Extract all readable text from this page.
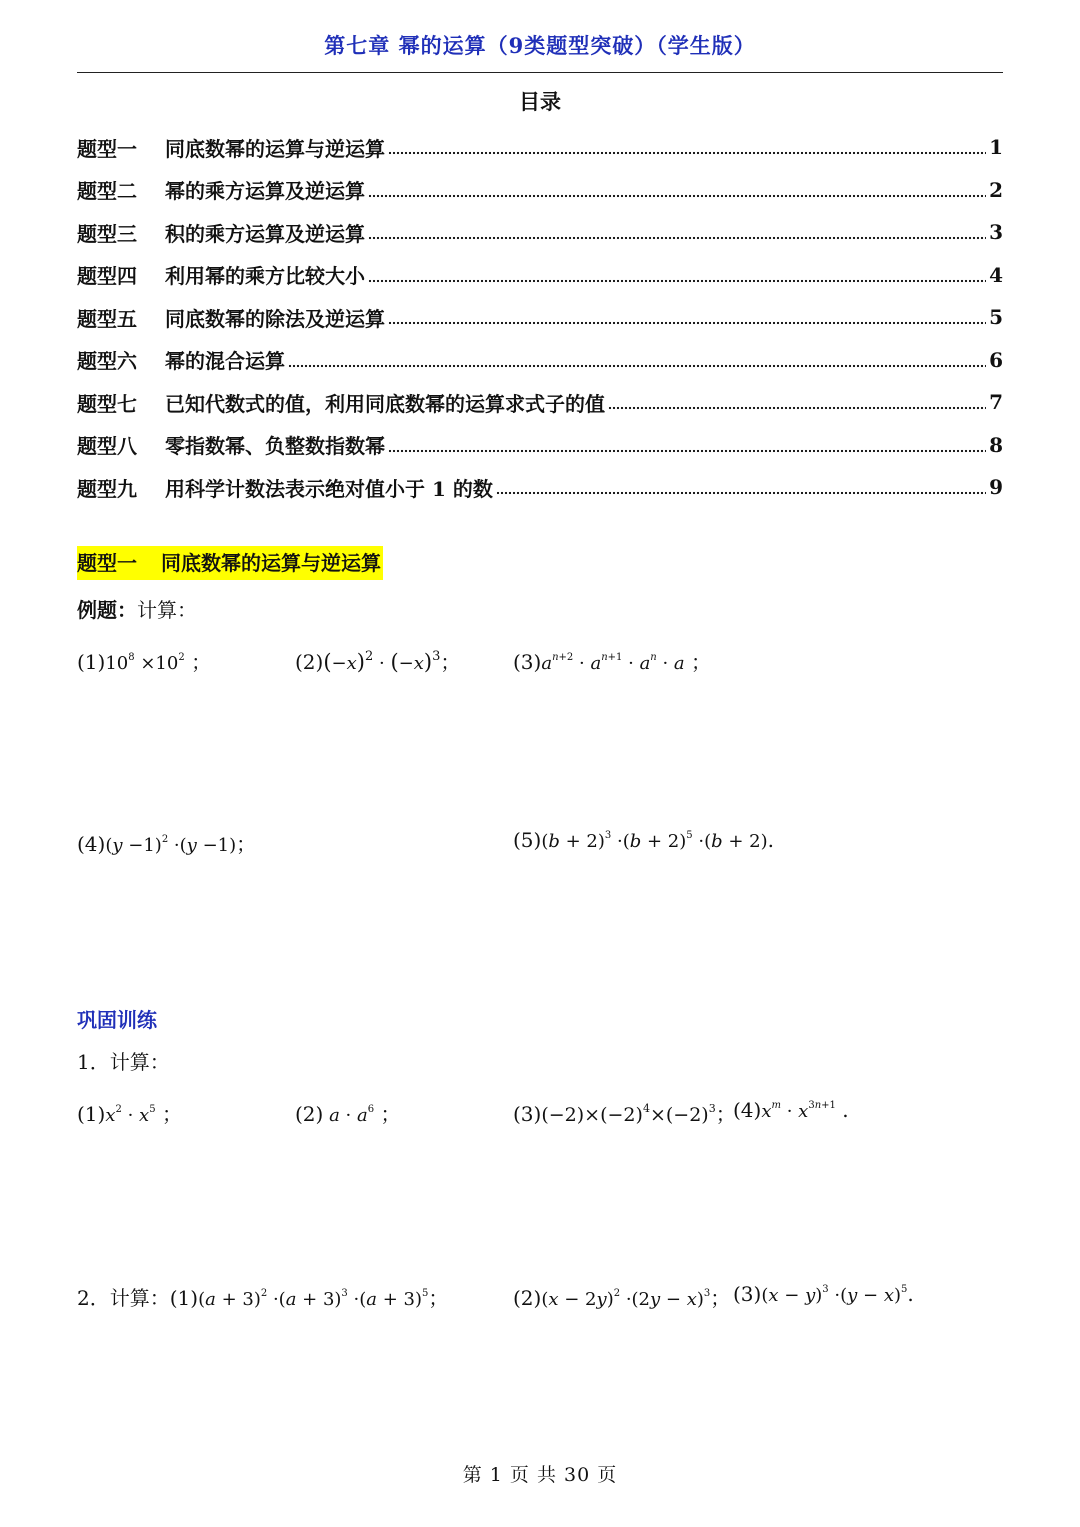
第七章 幂的运算（9类题型突破）（学生版）
目录
题型一	同底数幂的运算与逆运算	1
题型二	幂的乘方运算及逆运算	2
题型三	积的乘方运算及逆运算	3
题型四	利用幂的乘方比较大小	4
题型五	同底数幂的除法及逆运算	5
题型六	幂的混合运算	6
题型七	已知代数式的值，利用同底数幂的运算求式子的值	7
题型八	零指数幂、负整数指数幂	8
题型九	用科学计数法表示绝对值小于 1 的数	9
题型一 同底数幂的运算与逆运算
例题：计算：
$(1)10^8 \times 10^2$ ；	$(2)(-x)^2 \cdot (-x)^3$；	$(3)a^{n+2} \cdot a^{n+1} \cdot a^n \cdot a$ ；
$(4)(y -1)^2 \cdot(y -1)$；	$(5)(b + 2)^3 \cdot(b + 2)^5 \cdot(b + 2)$.
巩固训练
1．计算：
$(1)x^2 \cdot x^5$ ；	(2) $a \cdot a^6$ ；	$(3)(-2)\times(-2)^4\times(-2)^3$；
$(4)x^m \cdot x^{3n+1}$ .
2．计算：$(1)(a + 3)^2 \cdot(a + 3)^3 \cdot(a + 3)^5$；	$(2)(x - 2y)^2 \cdot(2y - x)^3$； $(3)(x - y)^3 \cdot(y - x)^5$.
第 1 页 共 30 页
